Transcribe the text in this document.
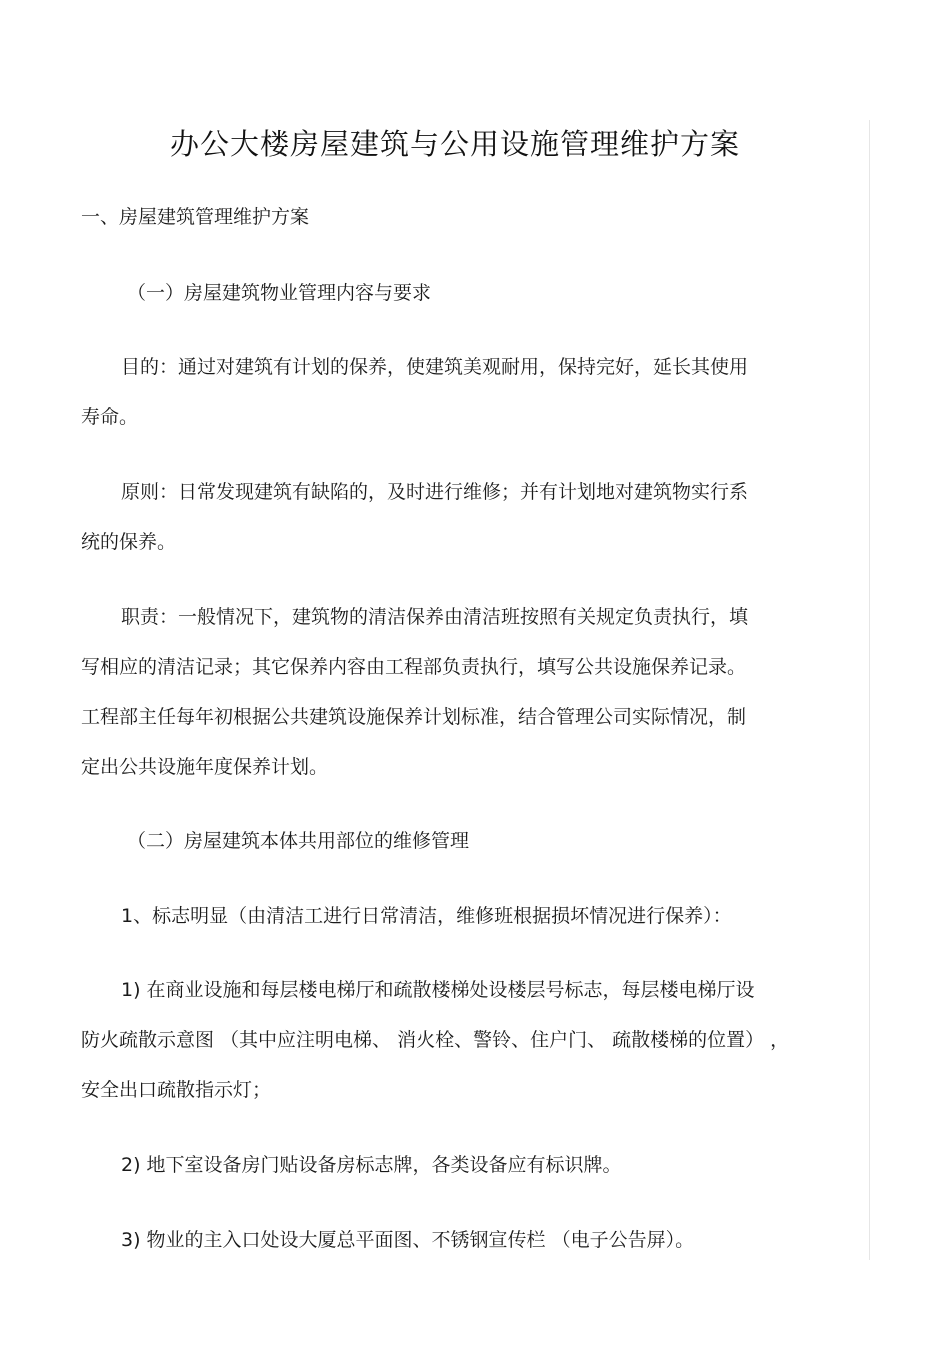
办公大楼房屋建筑与公用设施管理维护方案

一、房屋建筑管理维护方案

（一）房屋建筑物业管理内容与要求

目的：通过对建筑有计划的保养，使建筑美观耐用，保持完好，延长其使用

寿命。

原则：日常发现建筑有缺陷的，及时进行维修；并有计划地对建筑物实行系

统的保养。

职责：一般情况下，建筑物的清洁保养由清洁班按照有关规定负责执行，填

写相应的清洁记录；其它保养内容由工程部负责执行，填写公共设施保养记录。

工程部主任每年初根据公共建筑设施保养计划标准，结合管理公司实际情况，制

定出公共设施年度保养计划。

（二）房屋建筑本体共用部位的维修管理

1、标志明显（由清洁工进行日常清洁，维修班根据损坏情况进行保养）：

1) 在商业设施和每层楼电梯厅和疏散楼梯处设楼层号标志，每层楼电梯厅设

防火疏散示意图 （其中应注明电梯、 消火栓、警铃、住户门、 疏散楼梯的位置） ，

安全出口疏散指示灯；

2) 地下室设备房门贴设备房标志牌，各类设备应有标识牌。

3) 物业的主入口处设大厦总平面图、不锈钢宣传栏 （电子公告屏）。
